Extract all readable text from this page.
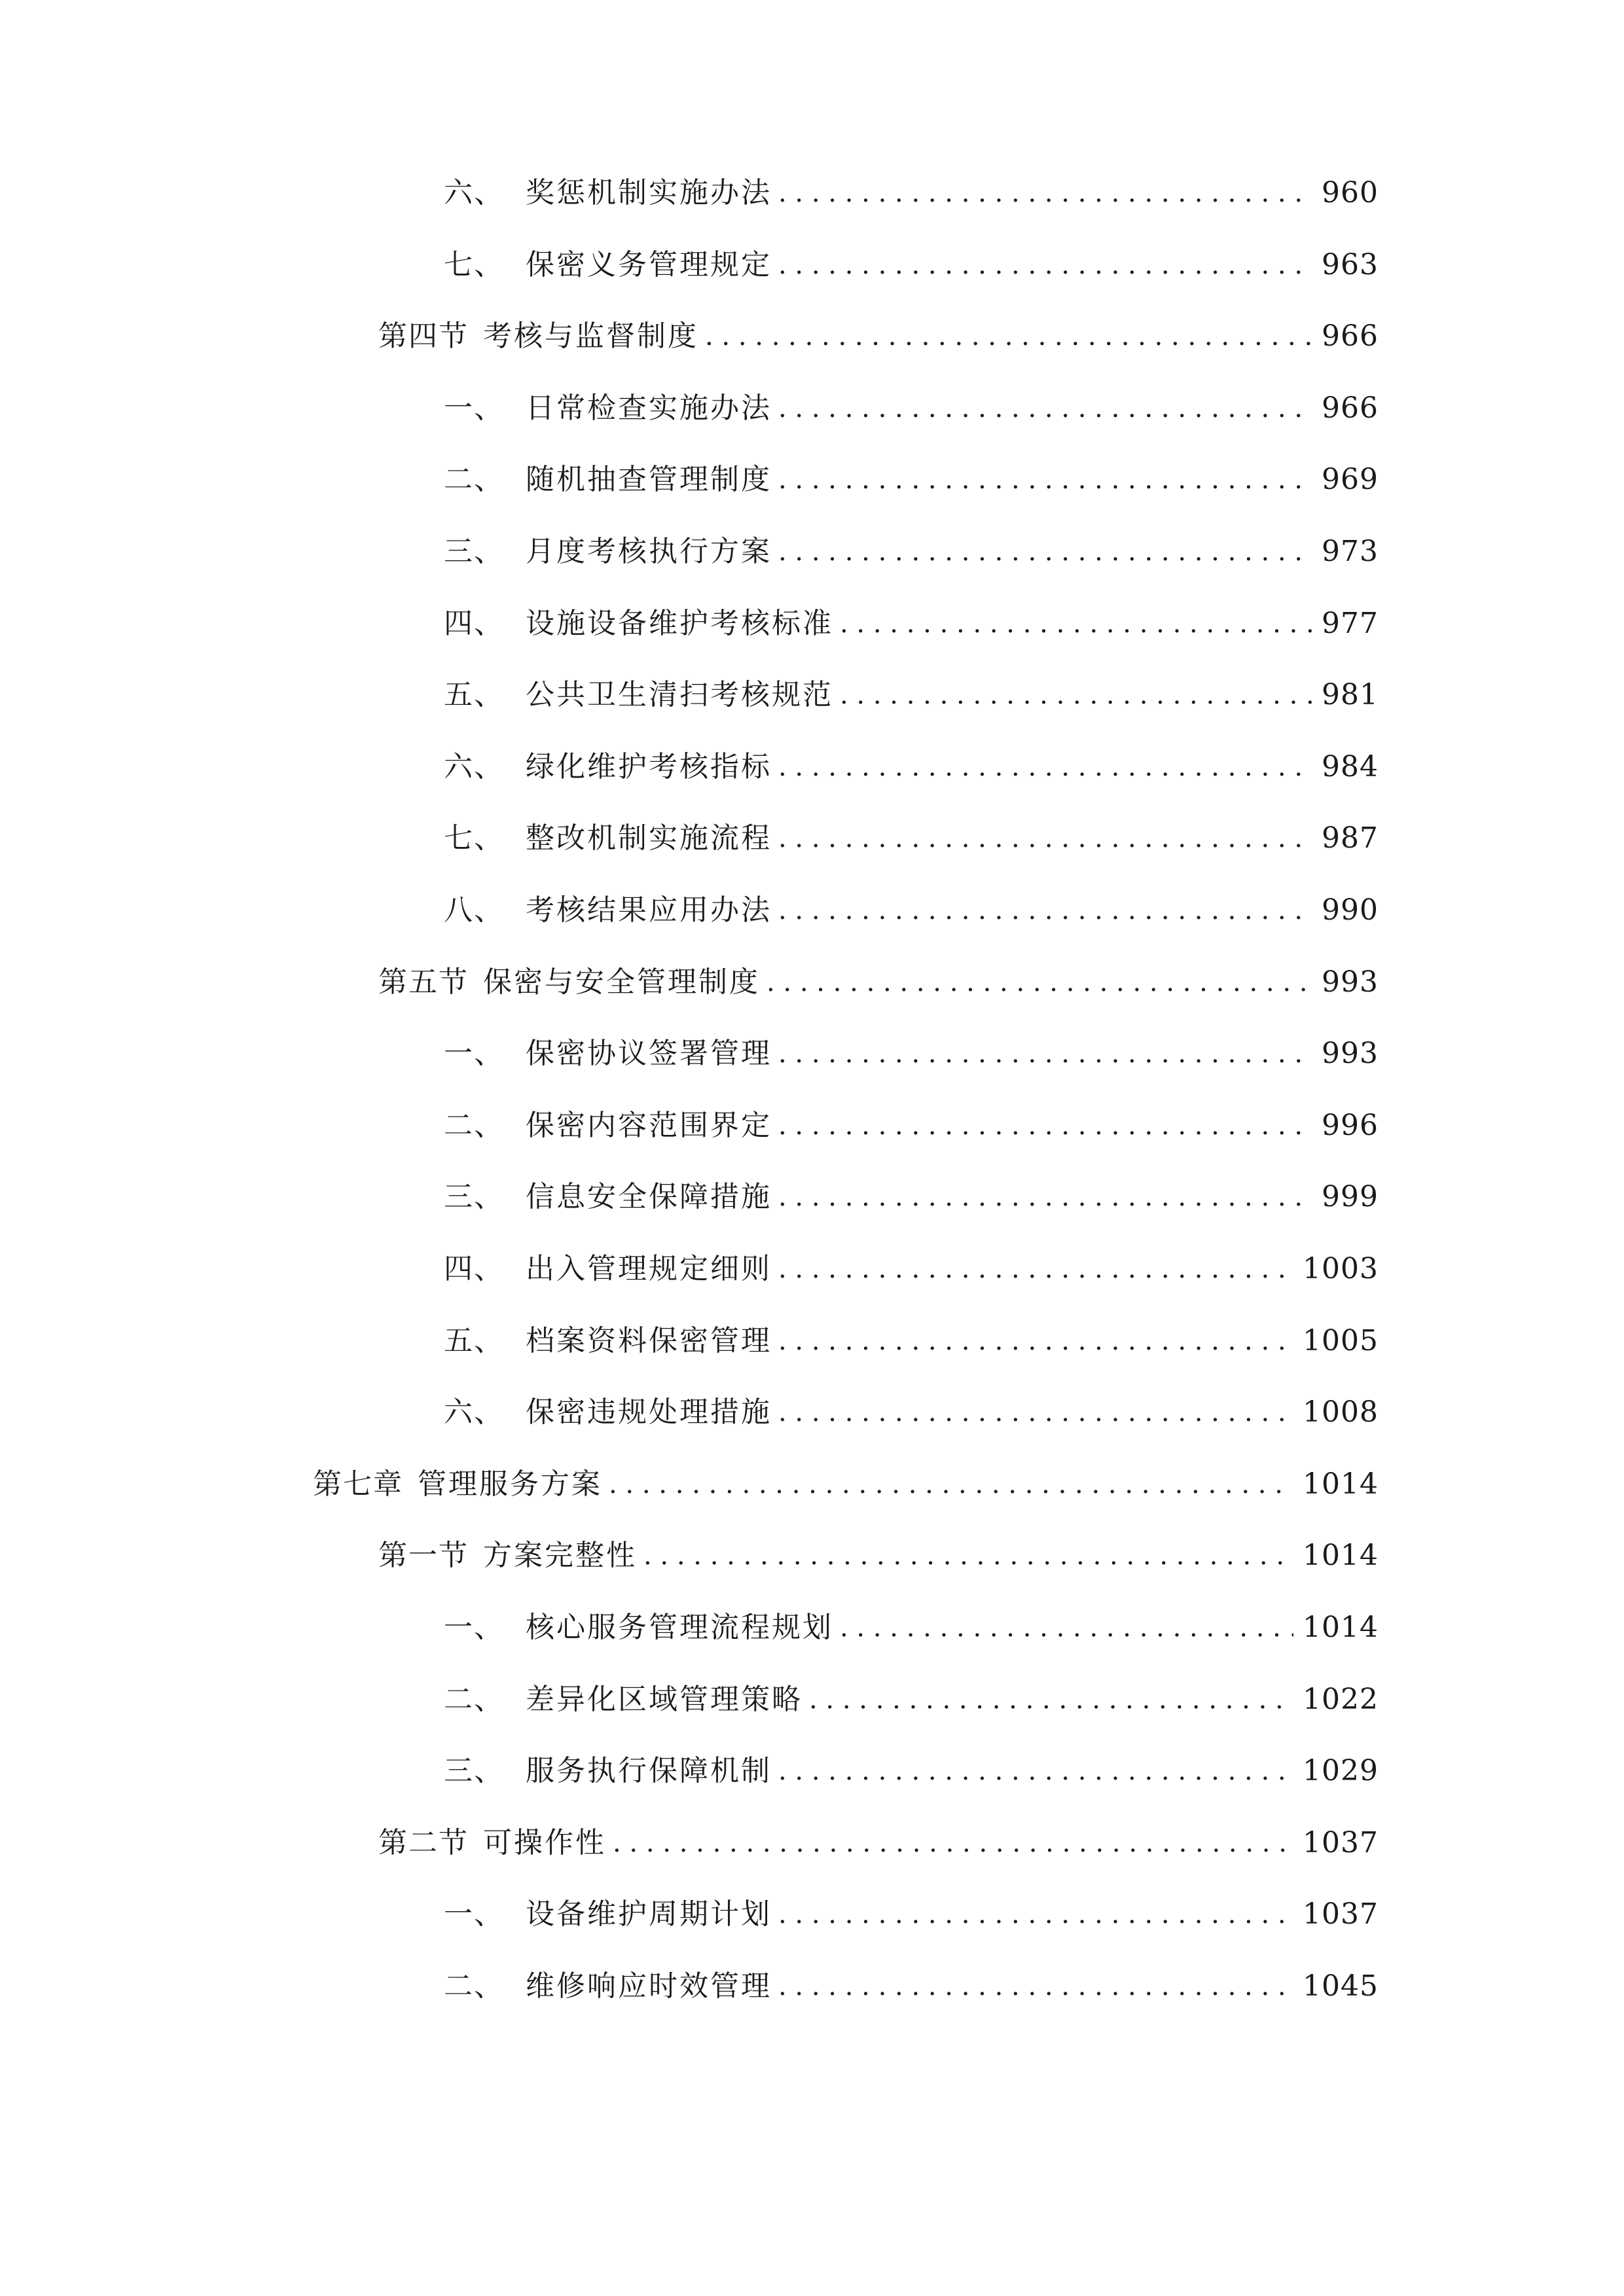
六、 奖惩机制实施办法 . . .	960
七、 保密义务管理规定 . . .	963
第四节 考核与监督制度 . . .	966
一、 日常检查实施办法 . . .	966
二、 随机抽查管理制度 . . .	969
三、 月度考核执行方案 . . .	973
四、 设施设备维护考核标准 . . .	977
五、 公共卫生清扫考核规范 . . .	981
六、 绿化维护考核指标 . . .	984
七、 整改机制实施流程 . . .	987
八、 考核结果应用办法 . . .	990
第五节 保密与安全管理制度 . . .	993
一、 保密协议签署管理 . . .	993
二、 保密内容范围界定 . . .	996
三、 信息安全保障措施 . . .	999
四、 出入管理规定细则 . . .	1003
五、 档案资料保密管理 . . .	1005
六、 保密违规处理措施 . . .	1008
第七章 管理服务方案 . . .	1014
第一节 方案完整性 . . .	1014
一、 核心服务管理流程规划 . . .	1014
二、 差异化区域管理策略 . . .	1022
三、 服务执行保障机制 . . .	1029
第二节 可操作性 . . .	1037
一、 设备维护周期计划 . . .	1037
二、 维修响应时效管理 . . .	1045
